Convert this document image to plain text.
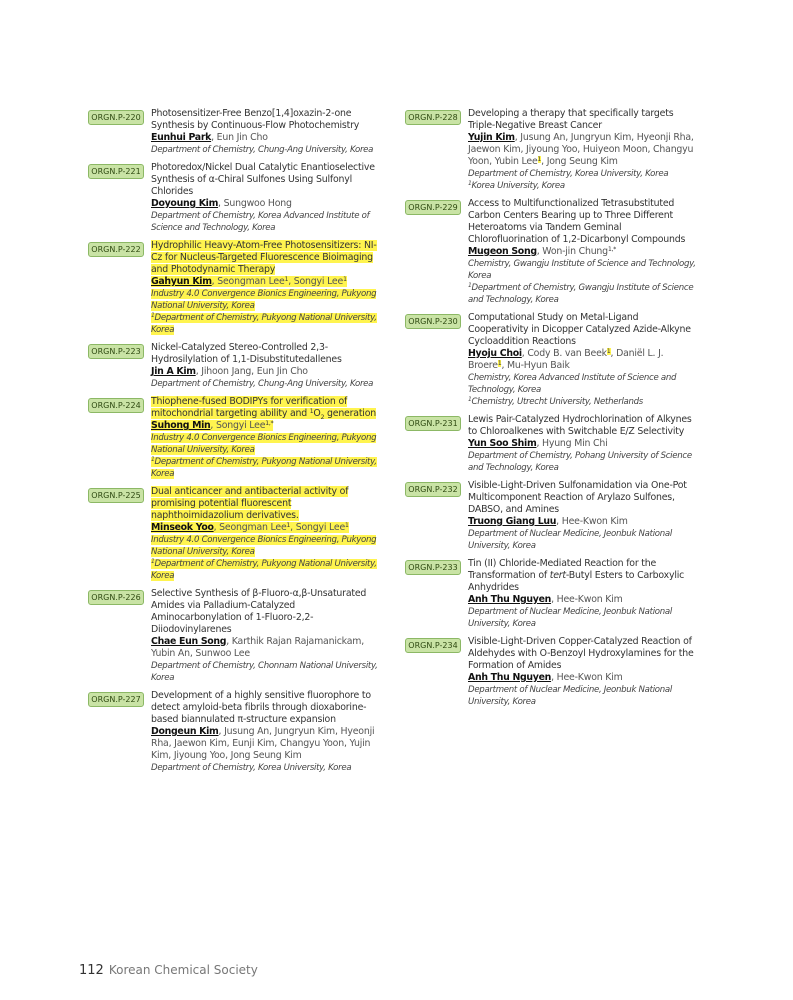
ORGN.P-220	Photosensitizer-Free Benzo[1,4]oxazin-2-one Synthesis by Continuous-Flow Photochemistry
Eunhui Park, Eun Jin Cho
Department of Chemistry, Chung-Ang University, Korea
ORGN.P-221	Photoredox/Nickel Dual Catalytic Enantioselective Synthesis of α-Chiral Sulfones Using Sulfonyl Chlorides
Doyoung Kim, Sungwoo Hong
Department of Chemistry, Korea Advanced Institute of Science and Technology, Korea
ORGN.P-222	Hydrophilic Heavy-Atom-Free Photosensitizers: NI-Cz for Nucleus-Targeted Fluorescence Bioimaging and Photodynamic Therapy
Gahyun Kim, Seongman Lee$^1$, Songyi Lee$^1$
Industry 4.0 Convergence Bionics Engineering, Pukyong National University, Korea
$^1$Department of Chemistry, Pukyong National University, Korea
ORGN.P-223	Nickel-Catalyzed Stereo-Controlled 2,3-Hydrosilylation of 1,1-Disubstitutedallenes
Jin A Kim, Jihoon Jang, Eun Jin Cho
Department of Chemistry, Chung-Ang University, Korea
ORGN.P-224	Thiophene-fused BODIPYs for verification of mitochondrial targeting ability and $^1O_2$ generation
Suhong Min, Songyi Lee$^{1,*}$
Industry 4.0 Convergence Bionics Engineering, Pukyong National University, Korea
$^1$Department of Chemistry, Pukyong National University, Korea
ORGN.P-225	Dual anticancer and antibacterial activity of promising potential fluorescent naphthoimidazolium derivatives.
Minseok Yoo, Seongman Lee$^1$, Songyi Lee$^1$
Industry 4.0 Convergence Bionics Engineering, Pukyong National University, Korea
$^1$Department of Chemistry, Pukyong National University, Korea
ORGN.P-226	Selective Synthesis of β-Fluoro-α,β-Unsaturated Amides via Palladium-Catalyzed Aminocarbonylation of 1-Fluoro-2,2-Diiodovinylarenes
Chae Eun Song, Karthik Rajan Rajamanickam, Yubin An, Sunwoo Lee
Department of Chemistry, Chonnam National University, Korea
ORGN.P-227	Development of a highly sensitive fluorophore to detect amyloid-beta fibrils through dioxaborine-based biannulated π-structure expansion
Dongeun Kim, Jusung An, Jungryun Kim, Hyeonji Rha, Jaewon Kim, Eunji Kim, Changyu Yoon, Yujin Kim, Jiyoung Yoo, Jong Seung Kim
Department of Chemistry, Korea University, Korea
ORGN.P-228	Developing a therapy that specifically targets Triple-Negative Breast Cancer
Yujin Kim, Jusung An, Jungryun Kim, Hyeonji Rha, Jaewon Kim, Jiyoung Yoo, Huiyeon Moon, Changyu Yoon, Yubin Lee$^1$, Jong Seung Kim
Department of Chemistry, Korea University, Korea
$^1$Korea University, Korea
ORGN.P-229	Access to Multifunctionalized Tetrasubstituted Carbon Centers Bearing up to Three Different Heteroatoms via Tandem Geminal Chlorofluorination of 1,2-Dicarbonyl Compounds
Mugeon Song, Won-jin Chung$^{1,*}$
Chemistry, Gwangju Institute of Science and Technology, Korea
$^1$Department of Chemistry, Gwangju Institute of Science and Technology, Korea
ORGN.P-230	Computational Study on Metal-Ligand Cooperativity in Dicopper Catalyzed Azide-Alkyne Cycloaddition Reactions
Hyoju Choi, Cody B. van Beek$^1$, Daniël L. J. Broere$^1$, Mu-Hyun Baik
Chemistry, Korea Advanced Institute of Science and Technology, Korea
$^1$Chemistry, Utrecht University, Netherlands
ORGN.P-231	Lewis Pair-Catalyzed Hydrochlorination of Alkynes to Chloroalkenes with Switchable E/Z Selectivity
Yun Soo Shim, Hyung Min Chi
Department of Chemistry, Pohang University of Science and Technology, Korea
ORGN.P-232	Visible-Light-Driven Sulfonamidation via One-Pot Multicomponent Reaction of Arylazo Sulfones, DABSO, and Amines
Truong Giang Luu, Hee-Kwon Kim
Department of Nuclear Medicine, Jeonbuk National University, Korea
ORGN.P-233	Tin (II) Chloride-Mediated Reaction for the Transformation of tert-Butyl Esters to Carboxylic Anhydrides
Anh Thu Nguyen, Hee-Kwon Kim
Department of Nuclear Medicine, Jeonbuk National University, Korea
ORGN.P-234	Visible-Light-Driven Copper-Catalyzed Reaction of Aldehydes with O-Benzoyl Hydroxylamines for the Formation of Amides
Anh Thu Nguyen, Hee-Kwon Kim
Department of Nuclear Medicine, Jeonbuk National University, Korea
112 Korean Chemical Society
